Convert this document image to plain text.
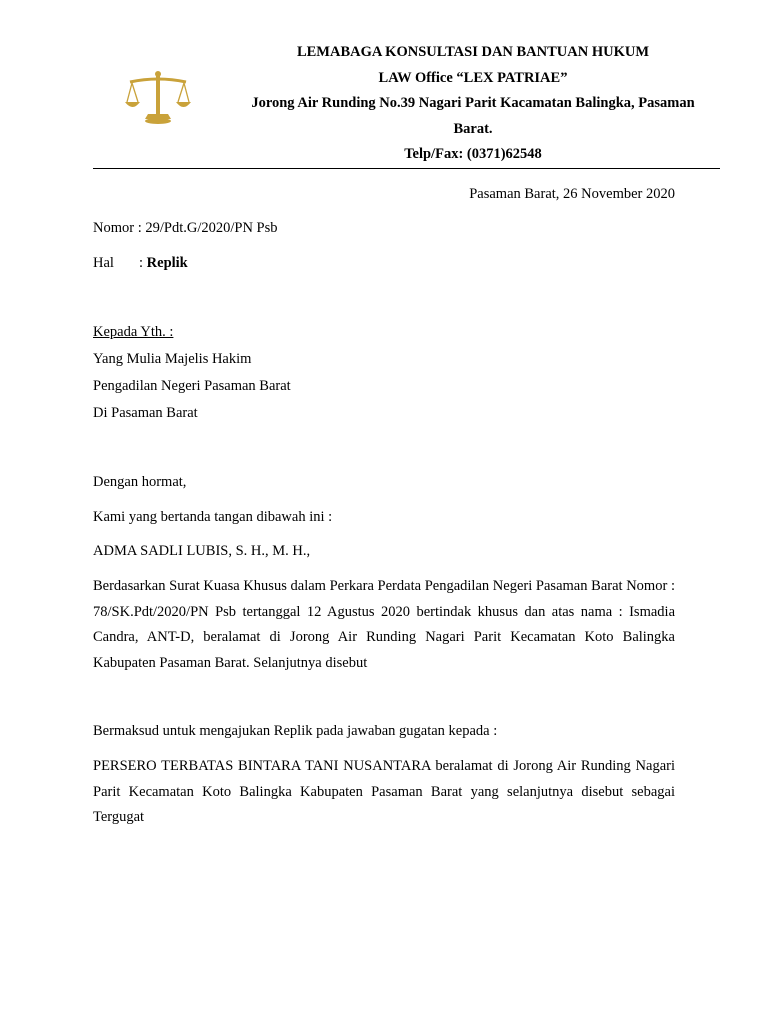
LEMABAGA KONSULTASI DAN BANTUAN HUKUM
LAW Office “LEX PATRIAE”
Jorong Air Runding No.39 Nagari Parit Kacamatan Balingka, Pasaman
Barat.
Telp/Fax: (0371)62548
Pasaman Barat, 26 November 2020
Nomor : 29/Pdt.G/2020/PN Psb
Hal : Replik
Kepada Yth. :
Yang Mulia Majelis Hakim
Pengadilan Negeri Pasaman Barat
Di Pasaman Barat
Dengan hormat,
Kami yang bertanda tangan dibawah ini :
ADMA SADLI LUBIS, S. H., M. H.,
Berdasarkan Surat Kuasa Khusus dalam Perkara Perdata Pengadilan Negeri Pasaman Barat Nomor : 78/SK.Pdt/2020/PN Psb tertanggal 12 Agustus 2020 bertindak khusus dan atas nama : Ismadia Candra, ANT-D, beralamat di Jorong Air Runding Nagari Parit Kecamatan Koto Balingka Kabupaten Pasaman Barat. Selanjutnya disebut
Bermaksud untuk mengajukan Replik pada jawaban gugatan kepada :
PERSERO TERBATAS BINTARA TANI NUSANTARA beralamat di Jorong Air Runding Nagari Parit Kecamatan Koto Balingka Kabupaten Pasaman Barat yang selanjutnya disebut sebagai Tergugat
